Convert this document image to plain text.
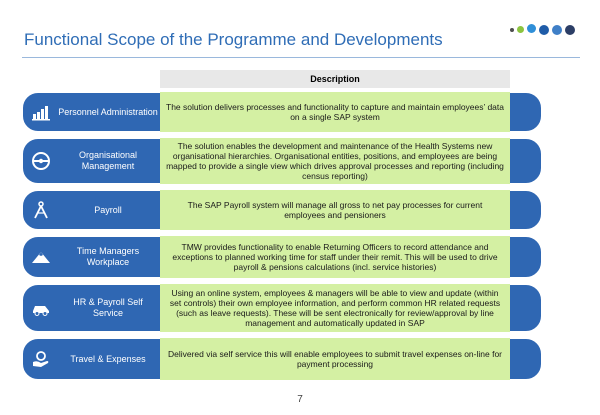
Functional Scope of the Programme and Developments
Description
Personnel Administration The solution delivers processes and functionality to capture and maintain employees’ data on a single SAP system
Organisational Management
The solution enables the development and maintenance of the Health Systems new organisational hierarchies. Organisational entities, positions, and employees are being mapped to provide a single view which drives approval processes and reporting (including census reporting)
Payroll	The SAP Payroll system will manage all gross to net pay processes for current employees and pensioners
Time Managers Workplace
TMW provides functionality to enable Returning Officers to record attendance and exceptions to planned working time for staff under their remit. This will be used to drive payroll & pensions calculations (incl. service histories)
HR & Payroll Self Service
Using an online system, employees & managers will be able to view and update (within set controls) their own employee information, and perform common HR related requests (such as leave requests). These will be sent electronically for review/approval by line management and automatically updated in SAP
Travel & Expenses	Delivered via self service this will enable employees to submit travel expenses on-line for payment processing
7
